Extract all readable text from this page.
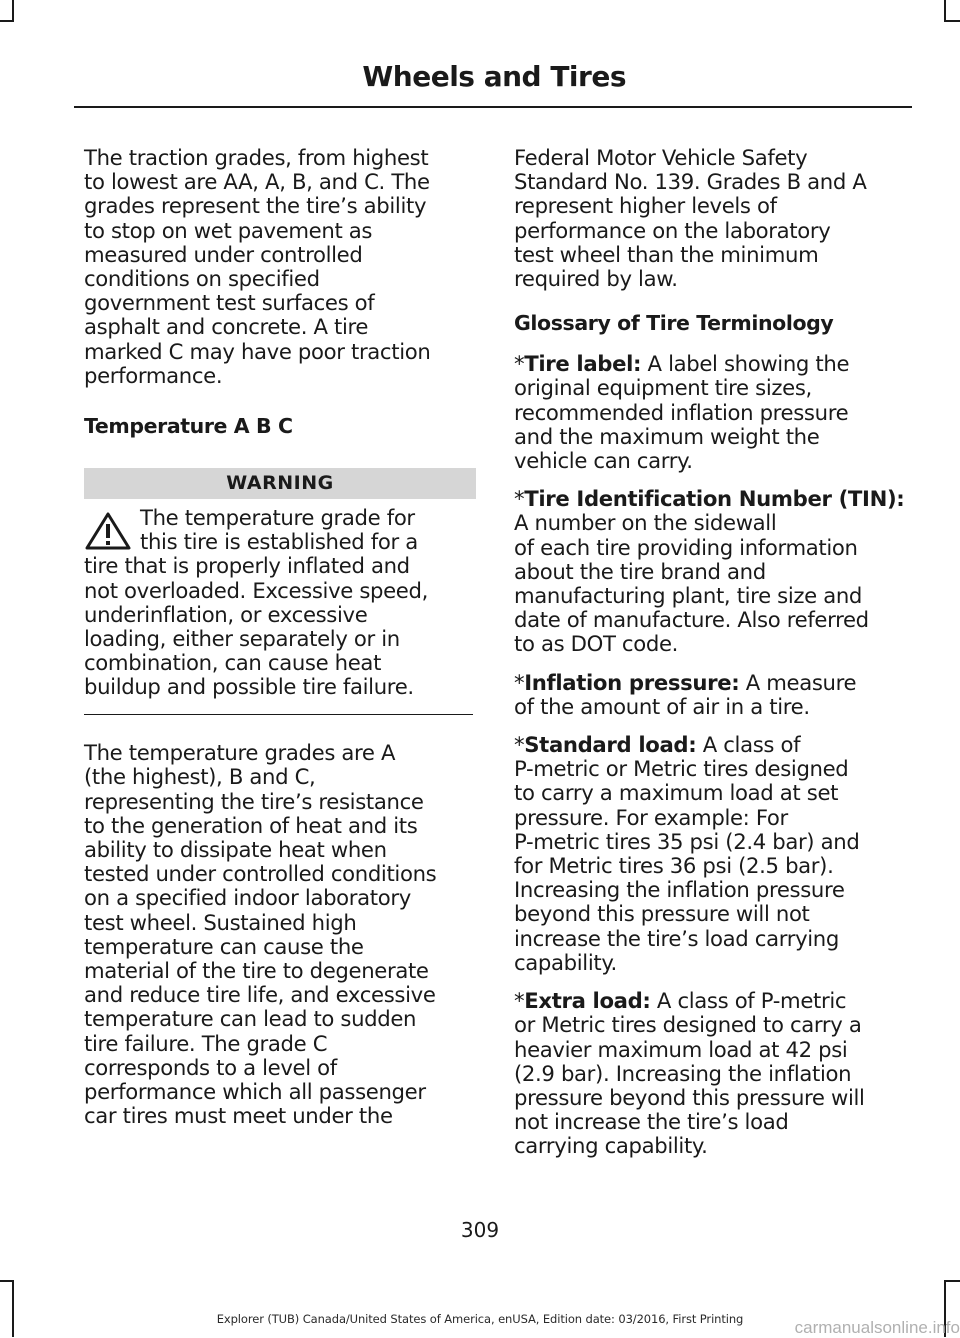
Wheels and Tires

The traction grades, from highest
to lowest are AA, A, B, and C. The
grades represent the tire’s ability
to stop on wet pavement as
measured under controlled
conditions on specified
government test surfaces of
asphalt and concrete. A tire
marked C may have poor traction
performance.

Temperature A B C
WARNING

The temperature grade for
this tire is established for a
tire that is properly inflated and
not overloaded. Excessive speed,
underinflation, or excessive
loading, either separately or in
combination, can cause heat
buildup and possible tire failure.

The temperature grades are A
(the highest), B and C,
representing the tire’s resistance
to the generation of heat and its
ability to dissipate heat when
tested under controlled conditions
on a specified indoor laboratory
test wheel. Sustained high
temperature can cause the
material of the tire to degenerate
and reduce tire life, and excessive
temperature can lead to sudden
tire failure. The grade C
corresponds to a level of
performance which all passenger
car tires must meet under the

Federal Motor Vehicle Safety
Standard No. 139. Grades B and A
represent higher levels of
performance on the laboratory
test wheel than the minimum
required by law.

Glossary of Tire Terminology

*Tire label: A label showing the
original equipment tire sizes,
recommended inflation pressure
and the maximum weight the
vehicle can carry.

*Tire Identification Number (TIN): A number on the sidewall
of each tire providing information
about the tire brand and
manufacturing plant, tire size and
date of manufacture. Also referred
to as DOT code.

*Inflation pressure: A measure
of the amount of air in a tire.

*Standard load: A class of
P-metric or Metric tires designed
to carry a maximum load at set
pressure. For example: For
P-metric tires 35 psi (2.4 bar) and
for Metric tires 36 psi (2.5 bar).
Increasing the inflation pressure
beyond this pressure will not
increase the tire’s load carrying
capability.

*Extra load: A class of P-metric
or Metric tires designed to carry a
heavier maximum load at 42 psi
(2.9 bar). Increasing the inflation
pressure beyond this pressure will
not increase the tire’s load
carrying capability.

309
Explorer (TUB) Canada/United States of America, enUSA, Edition date: 03/2016, First Printing	carmanualsonline.info
